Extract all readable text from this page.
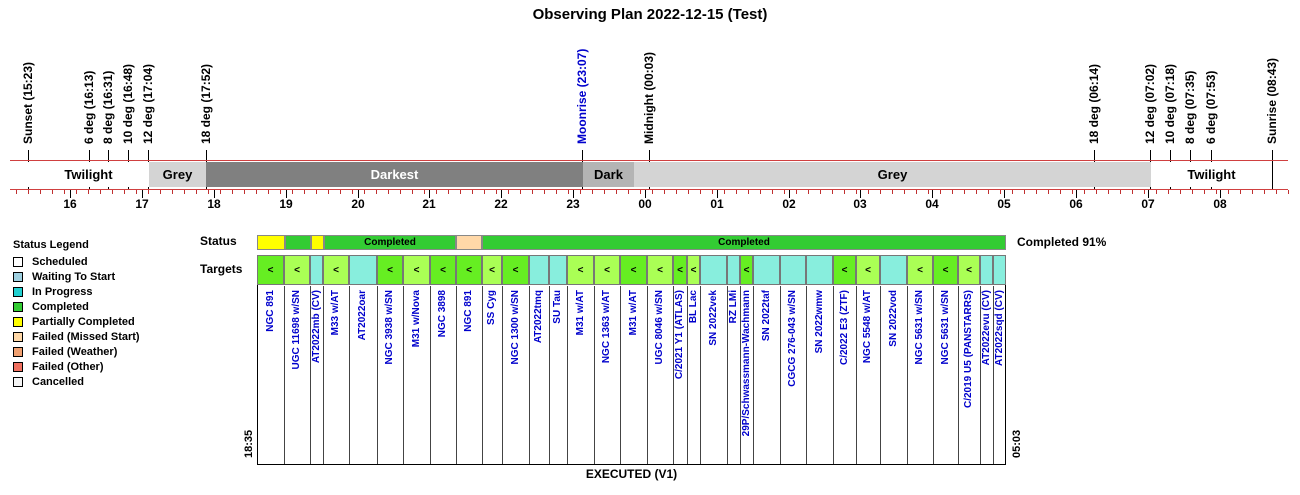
Observing Plan 2022-12-15 (Test)
Sunset (15:23)	6 deg (16:13) 8 deg (16:31) 10 deg (16:48) 12 deg (17:04)	18 deg (17:52)	Moonrise (23:07)	Midnight (00:03)	18 deg (06:14)	12 deg (07:02) 10 deg (07:18) 8 deg (07:35) 6 deg (07:53)	Sunrise (08:43)
Twilight	Grey	Darkest	Dark	Grey	Twilight
16	17	18	19	20	21	22	23	00	01	02	03	04	05	06	07	08
Status Legend
Scheduled
Waiting To Start
In Progress
Completed
Partially Completed
Failed (Missed Start)
Failed (Weather)
Failed (Other)
Cancelled
Status
Targets
Completed	Completed	Completed 91%
<
NGC 891
<
UGC 11698 w/SN AT2022mb (CV)
<
M33 w/AT AT2022oar
<
NGC 3938 w/SN
<
M31 w/Nova
<
NGC 3898
<
NGC 891
<
SS Cyg
<
NGC 1300 w/SN AT2022tmq SU Tau
<
M31 w/AT
<
NGC 1363 w/AT
<
M31 w/AT
<
UGC 8046 w/SN
<
C/2021 Y1 (ATLAS)
<
BL Lac SN 2022vek RZ LMi
<
29P/Schwassmann-Wachmann SN 2022taf CGCG 276-043 w/SN SN 2022wmw
<
C/2022 E3 (ZTF)
<
NGC 5548 w/AT SN 2022vod
<
NGC 5631 w/SN
<
NGC 5631 w/SN
<
C/2019 U5 (PANSTARRS) AT2022evu (CV) AT2022sqd (CV)
18:35	05:03
EXECUTED (V1)
